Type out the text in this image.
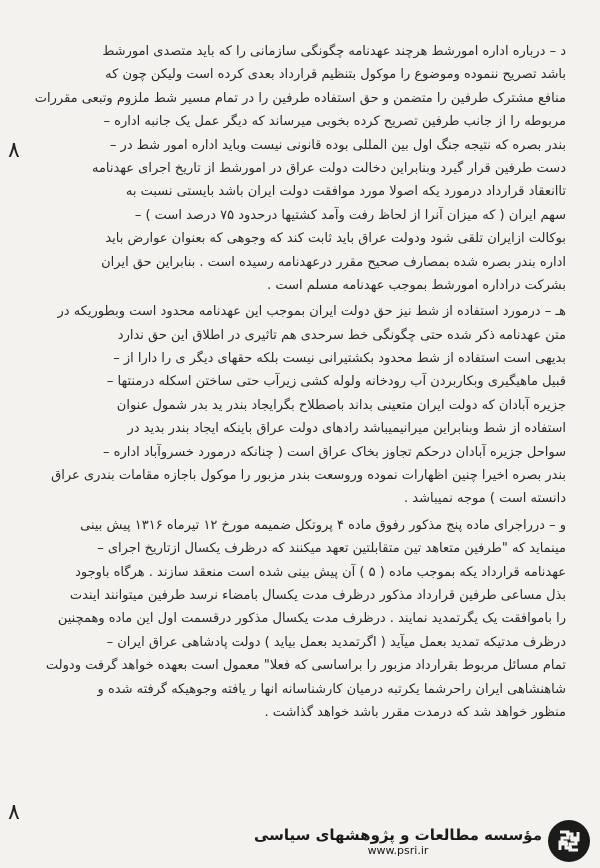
٨
٨
د – درباره اداره امورشط هرچند عهدنامه چگونگی سازمانی را که باید متصدی امورشط
باشد تصریح ننموده وموضوع را موکول بتنظیم قرارداد بعدی کرده است ولیکن چون که
منافع مشترک طرفین را متضمن و حق استفاده طرفین را در تمام مسیر شط ملزوم وتبعی مقررات
مربوطه را از جانب طرفین تصریح کرده بخوبی میرساند که دیگر عمل یک جانبه اداره –
بندر بصره که نتیجه جنگ اول بین المللی بوده قانونی نیست وباید اداره امور شط در –
دست طرفین قرار گیرد وبنابراین دخالت دولت عراق در امورشط از تاریخ اجرای عهدنامه
تاانعقاد قرارداد درمورد یکه اصولا مورد موافقت دولت ایران باشد بایستی نسبت به
سهم ایران ( که میزان آنرا از لحاظ رفت وآمد کشتیها درحدود ۷۵ درصد است ) –
بوکالت ازایران تلقی شود ودولت عراق باید ثابت کند که وجوهی که بعنوان عوارض باید
اداره بندر بصره شده بمصارف صحیح مقرر درعهدنامه رسیده است . بنابراین حق ایران
بشرکت دراداره امورشط بموجب عهدنامه مسلم است .
هـ – درمورد استفاده از شط نیز حق دولت ایران بموجب این عهدنامه محدود است وبطوریکه در
متن عهدنامه ذکر شده حتی چگونگی خط سرحدی هم تاثیری در اطلاق این حق ندارد
بدیهی است استفاده از شط محدود بکشتیرانی نیست بلکه حقهای دیگر ی را دارا از –
قبیل ماهیگیری وبکاربردن آب رودخانه ولوله کشی زیرآب حتی ساختن اسکله درمنتها –
جزیره آبادان که دولت ایران متعینی بداند باصطلاح بگرایجاد بندر ید بدر شمول عنوان
استفاده از شط وبنابراین میرانیمیباشد رادهای دولت عراق باینکه ایجاد بندر بدید در
سواحل جزیره آبادان درحکم تجاوز بخاک عراق است ( چنانکه درمورد خسروآباد اداره –
بندر بصره اخیرا چنین اظهارات نموده وروسعت بندر مزبور را موکول باجازه مقامات بندری عراق
دانسته است ) موجه نمیباشد .
و – درراجرای ماده پنج مذکور رفوق ماده ۴ پروتکل ضمیمه مورخ ۱۲ تیرماه ۱۳۱۶ پیش بینی
مینماید که "طرفین متعاهد تین متقابلتین تعهد میکنند که درظرف یکسال ازتاریخ اجرای –
عهدنامه قرارداد یکه بموجب ماده ( ۵ ) آن پیش بینی شده است منعقد سازند . هرگاه باوجود
بذل مساعی طرفین قرارداد مذکور درظرف مدت یکسال بامضاء نرسد طرفین میتوانند ایندت
را باموافقت یک یگرتمدید نمایند . درظرف مدت یکسال مذکور درقسمت اول این ماده وهمچنین
درظرف مدتیکه تمدید بعمل میآید ( اگرتمدید بعمل بیاید ) دولت پادشاهی عراق ایران –
تمام مسائل مربوط بقرارداد مزبور را براساسی که فعلا" معمول است بعهده خواهد گرفت ودولت
شاهنشاهی ایران راحرشما یکرتبه درمیان کارشناسانه انها ر یافته وجوهیکه گرفته شده و
منظور خواهد شد که درمدت مقرر باشد خواهد گذاشت .
مؤسسه مطالعات و پژوهشهای سیاسی
www.psri.ir
